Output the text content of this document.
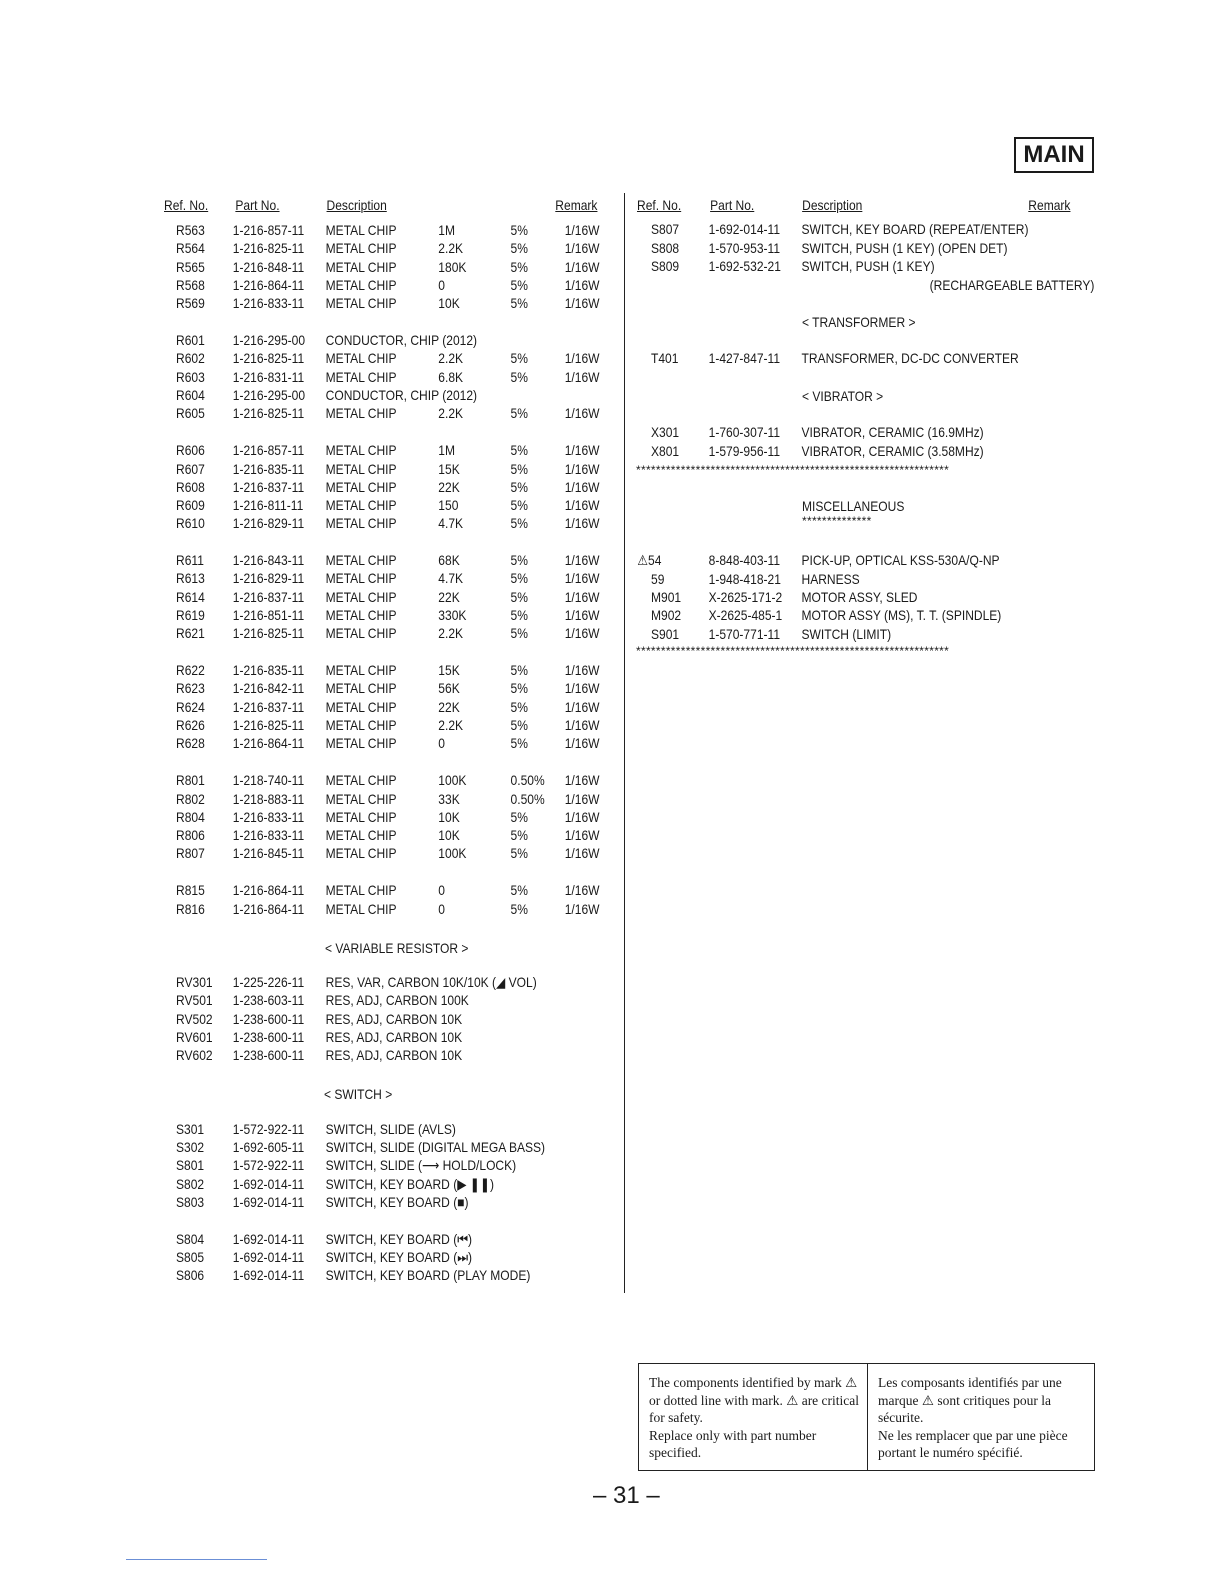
MAIN
Ref. No. Part No.	Description	Remark	Ref. No. Part No.	Description	Remark
R563 1-216-857-11 METAL CHIP	1M	5%	1/16W
R564 1-216-825-11 METAL CHIP	2.2K	5%	1/16W
R565 1-216-848-11 METAL CHIP	180K	5%	1/16W
R568 1-216-864-11 METAL CHIP	0	5%	1/16W
R569 1-216-833-11 METAL CHIP	10K	5%	1/16W
R601 1-216-295-00 CONDUCTOR, CHIP (2012)
R602 1-216-825-11 METAL CHIP	2.2K	5%	1/16W
R603 1-216-831-11 METAL CHIP	6.8K	5%	1/16W
R604 1-216-295-00 CONDUCTOR, CHIP (2012)
R605 1-216-825-11 METAL CHIP	2.2K	5%	1/16W
R606 1-216-857-11 METAL CHIP	1M	5%	1/16W
R607 1-216-835-11 METAL CHIP	15K	5%	1/16W
R608 1-216-837-11 METAL CHIP	22K	5%	1/16W
R609 1-216-811-11 METAL CHIP	150	5%	1/16W
R610 1-216-829-11 METAL CHIP	4.7K	5%	1/16W
R611 1-216-843-11 METAL CHIP	68K	5%	1/16W
R613 1-216-829-11 METAL CHIP	4.7K	5%	1/16W
R614 1-216-837-11 METAL CHIP	22K	5%	1/16W
R619 1-216-851-11 METAL CHIP	330K	5%	1/16W
R621 1-216-825-11 METAL CHIP	2.2K	5%	1/16W
R622 1-216-835-11 METAL CHIP	15K	5%	1/16W
R623 1-216-842-11 METAL CHIP	56K	5%	1/16W
R624 1-216-837-11 METAL CHIP	22K	5%	1/16W
R626 1-216-825-11 METAL CHIP	2.2K	5%	1/16W
R628 1-216-864-11 METAL CHIP	0	5%	1/16W
R801 1-218-740-11 METAL CHIP	100K	0.50% 1/16W
R802 1-218-883-11 METAL CHIP	33K	0.50% 1/16W
R804 1-216-833-11 METAL CHIP	10K	5%	1/16W
R806 1-216-833-11 METAL CHIP	10K	5%	1/16W
R807 1-216-845-11 METAL CHIP	100K	5%	1/16W
R815 1-216-864-11 METAL CHIP	0	5%	1/16W
R816 1-216-864-11 METAL CHIP	0	5%	1/16W
RV301 1-225-226-11 RES, VAR, CARBON 10K/10K (◢ VOL)
RV501 1-238-603-11 RES, ADJ, CARBON 100K
RV502 1-238-600-11 RES, ADJ, CARBON 10K
RV601 1-238-600-11 RES, ADJ, CARBON 10K
RV602 1-238-600-11 RES, ADJ, CARBON 10K
S301 1-572-922-11 SWITCH, SLIDE (AVLS)
S302 1-692-605-11 SWITCH, SLIDE (DIGITAL MEGA BASS)
S801 1-572-922-11 SWITCH, SLIDE (⟶ HOLD/LOCK)
S802 1-692-014-11 SWITCH, KEY BOARD (▶ ❚❚)
S803 1-692-014-11 SWITCH, KEY BOARD (■)
S804 1-692-014-11 SWITCH, KEY BOARD (⏮)
S805 1-692-014-11 SWITCH, KEY BOARD (⏭)
S806 1-692-014-11 SWITCH, KEY BOARD (PLAY MODE)
S807 1-692-014-11 SWITCH, KEY BOARD (REPEAT/ENTER)
S808 1-570-953-11 SWITCH, PUSH (1 KEY) (OPEN DET)
S809 1-692-532-21 SWITCH, PUSH (1 KEY)
(RECHARGEABLE BATTERY)
T401 1-427-847-11 TRANSFORMER, DC-DC CONVERTER
X301 1-760-307-11 VIBRATOR, CERAMIC (16.9MHz)
X801 1-579-956-11 VIBRATOR, CERAMIC (3.58MHz)
⚠54	8-848-403-11 PICK-UP, OPTICAL KSS-530A/Q-NP
59	1-948-418-21 HARNESS
M901 X-2625-171-2 MOTOR ASSY, SLED
M902 X-2625-485-1 MOTOR ASSY (MS), T. T. (SPINDLE)
S901 1-570-771-11 SWITCH (LIMIT)
< VARIABLE RESISTOR >
< SWITCH >
< TRANSFORMER >
< VIBRATOR >
MISCELLANEOUS
**************
***************************************************************
***************************************************************

The components identified by mark ⚠ or dotted line with mark. ⚠ are critical for safety.

Replace only with part number specified.

Les composants identifiés par une marque ⚠ sont critiques pour la sécurite.

Ne les remplacer que par une pièce portant le numéro spécifié.

– 31 –
